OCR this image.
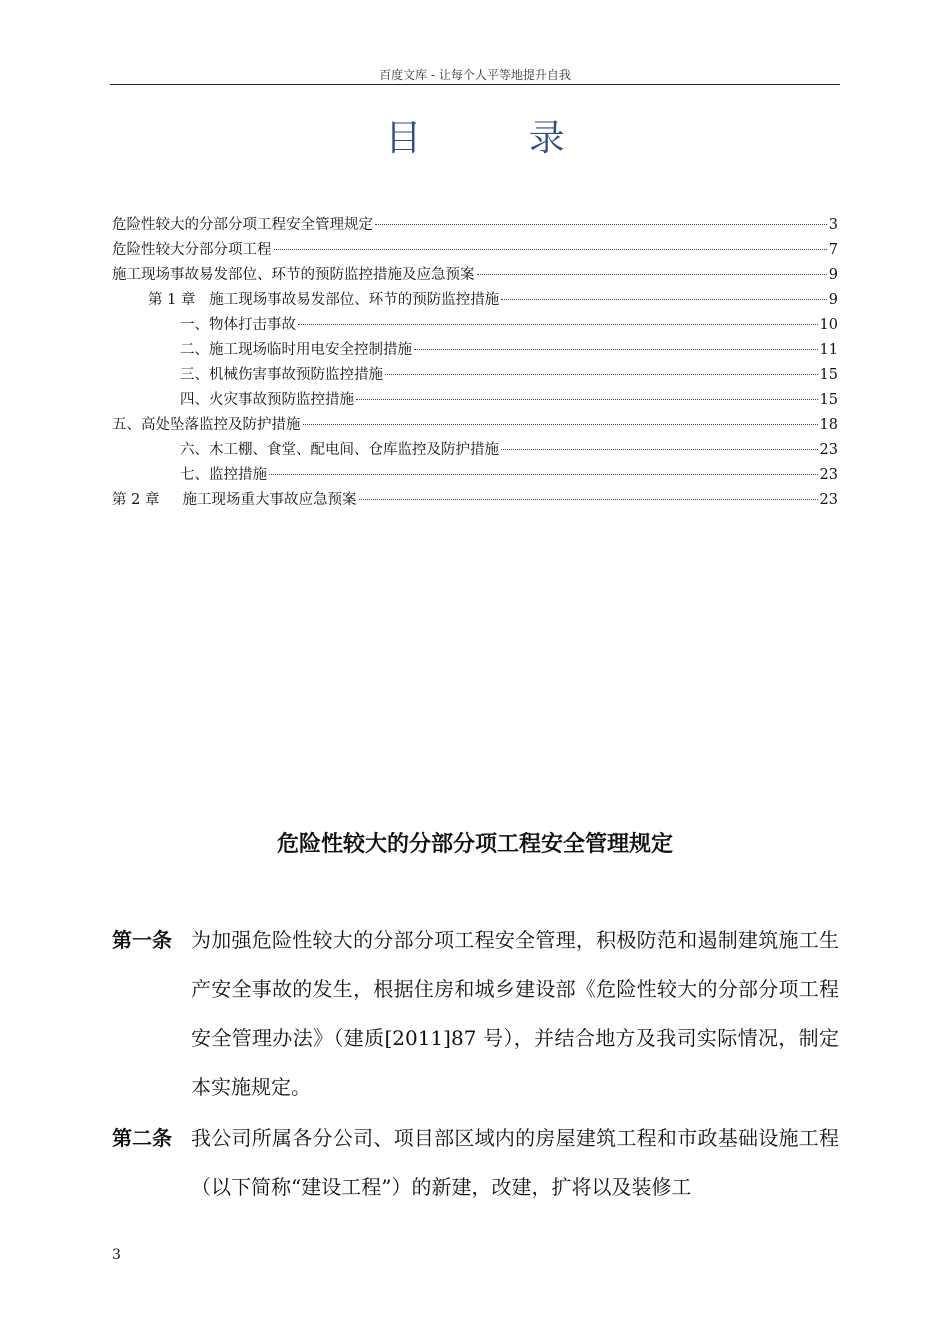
百度文库 - 让每个人平等地提升自我
目 录
危险性较大的分部分项工程安全管理规定	3
危险性较大分部分项工程	7
施工现场事故易发部位、环节的预防监控措施及应急预案	9
第 1 章   施工现场事故易发部位、环节的预防监控措施	9
一、物体打击事故	10
二、施工现场临时用电安全控制措施	11
三、机械伤害事故预防监控措施	15
四、火灾事故预防监控措施	15
五、高处坠落监控及防护措施	18
六、木工棚、食堂、配电间、仓库监控及防护措施	23
七、监控措施	23
第 2 章     施工现场重大事故应急预案	23
危险性较大的分部分项工程安全管理规定
第一条 为加强危险性较大的分部分项工程安全管理，积极防范和遏制建筑施工生产安全事故的发生，根据住房和城乡建设部《危险性较大的分部分项工程安全管理办法》（建质[2011]87 号），并结合地方及我司实际情况，制定本实施规定。
第二条 我公司所属各分公司、项目部区域内的房屋建筑工程和市政基础设施工程（以下简称“建设工程”）的新建，改建，扩将以及装修工
3
